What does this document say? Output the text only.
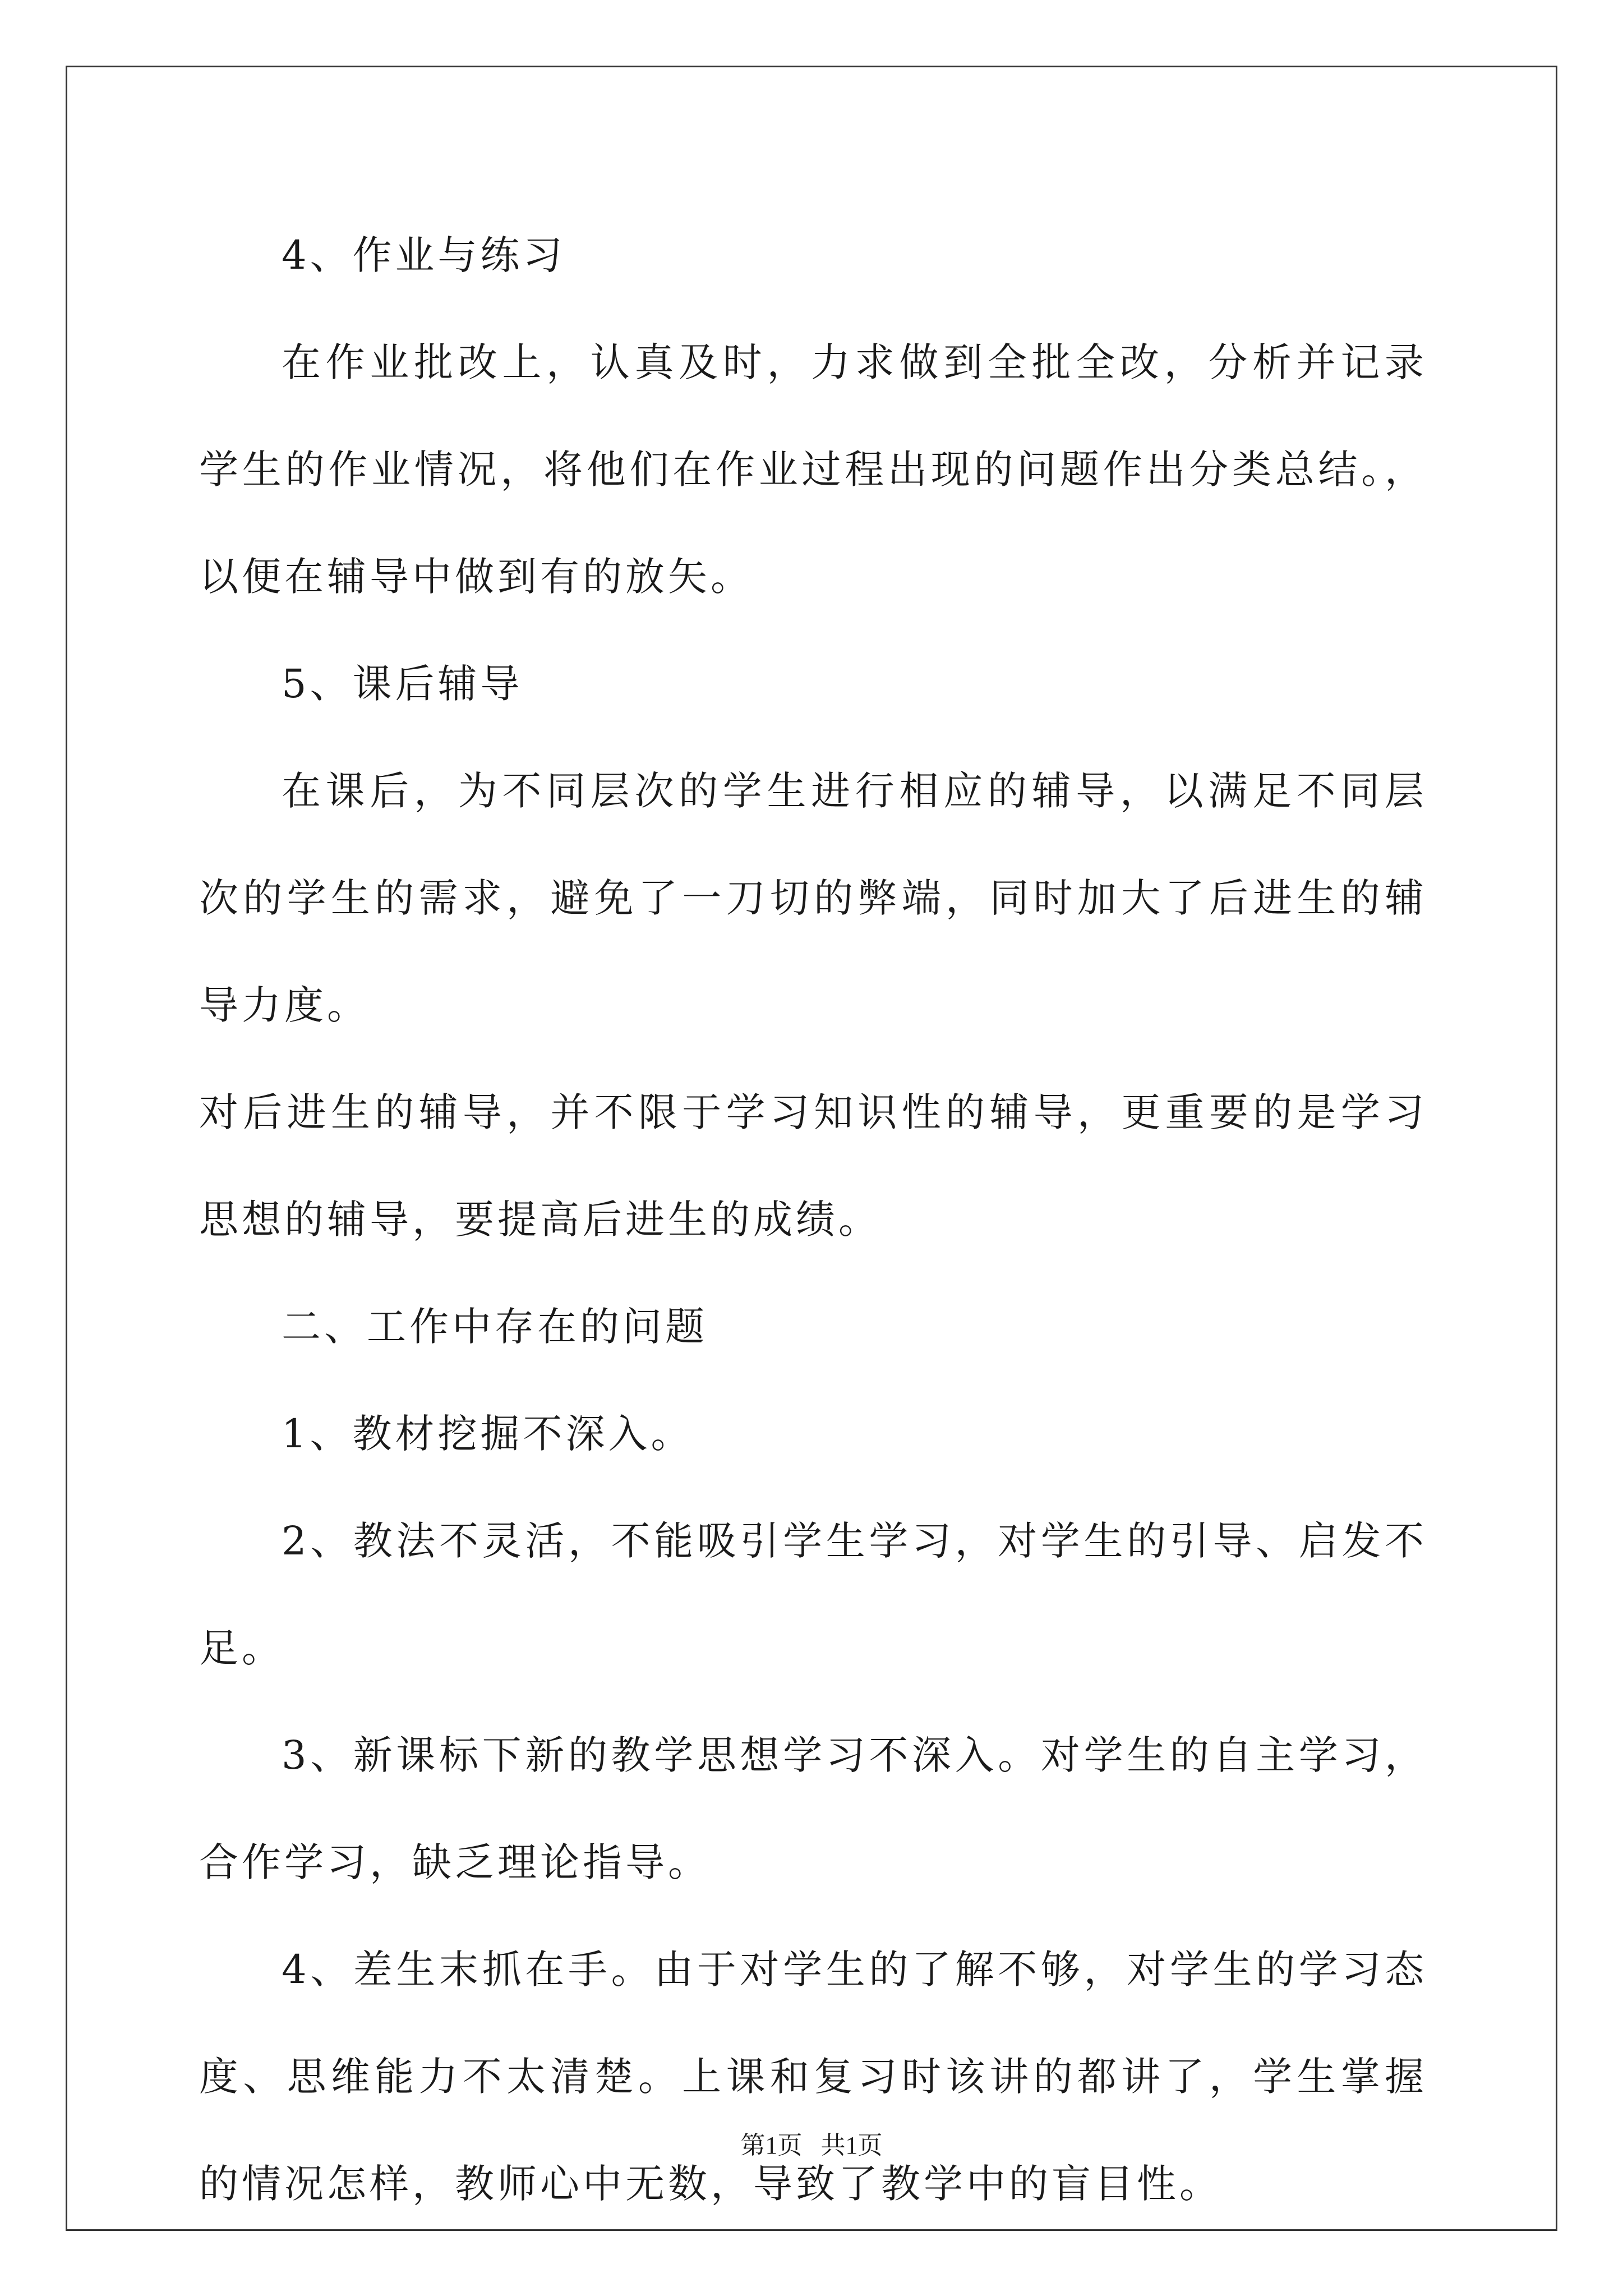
4、作业与练习

在作业批改上，认真及时，力求做到全批全改，分析并记录学生的作业情况，将他们在作业过程出现的问题作出分类总结。，以便在辅导中做到有的放矢。

5、课后辅导

在课后，为不同层次的学生进行相应的辅导，以满足不同层次的学生的需求，避免了一刀切的弊端，同时加大了后进生的辅导力度。

对后进生的辅导，并不限于学习知识性的辅导，更重要的是学习思想的辅导，要提高后进生的成绩。

二、工作中存在的问题

1、教材挖掘不深入。

2、教法不灵活，不能吸引学生学习，对学生的引导、启发不足。

3、新课标下新的教学思想学习不深入。对学生的自主学习，合作学习，缺乏理论指导。

4、差生末抓在手。由于对学生的了解不够，对学生的学习态度、思维能力不太清楚。上课和复习时该讲的都讲了，学生掌握的情况怎样，教师心中无数，导致了教学中的盲目性。

第1页 共1页
